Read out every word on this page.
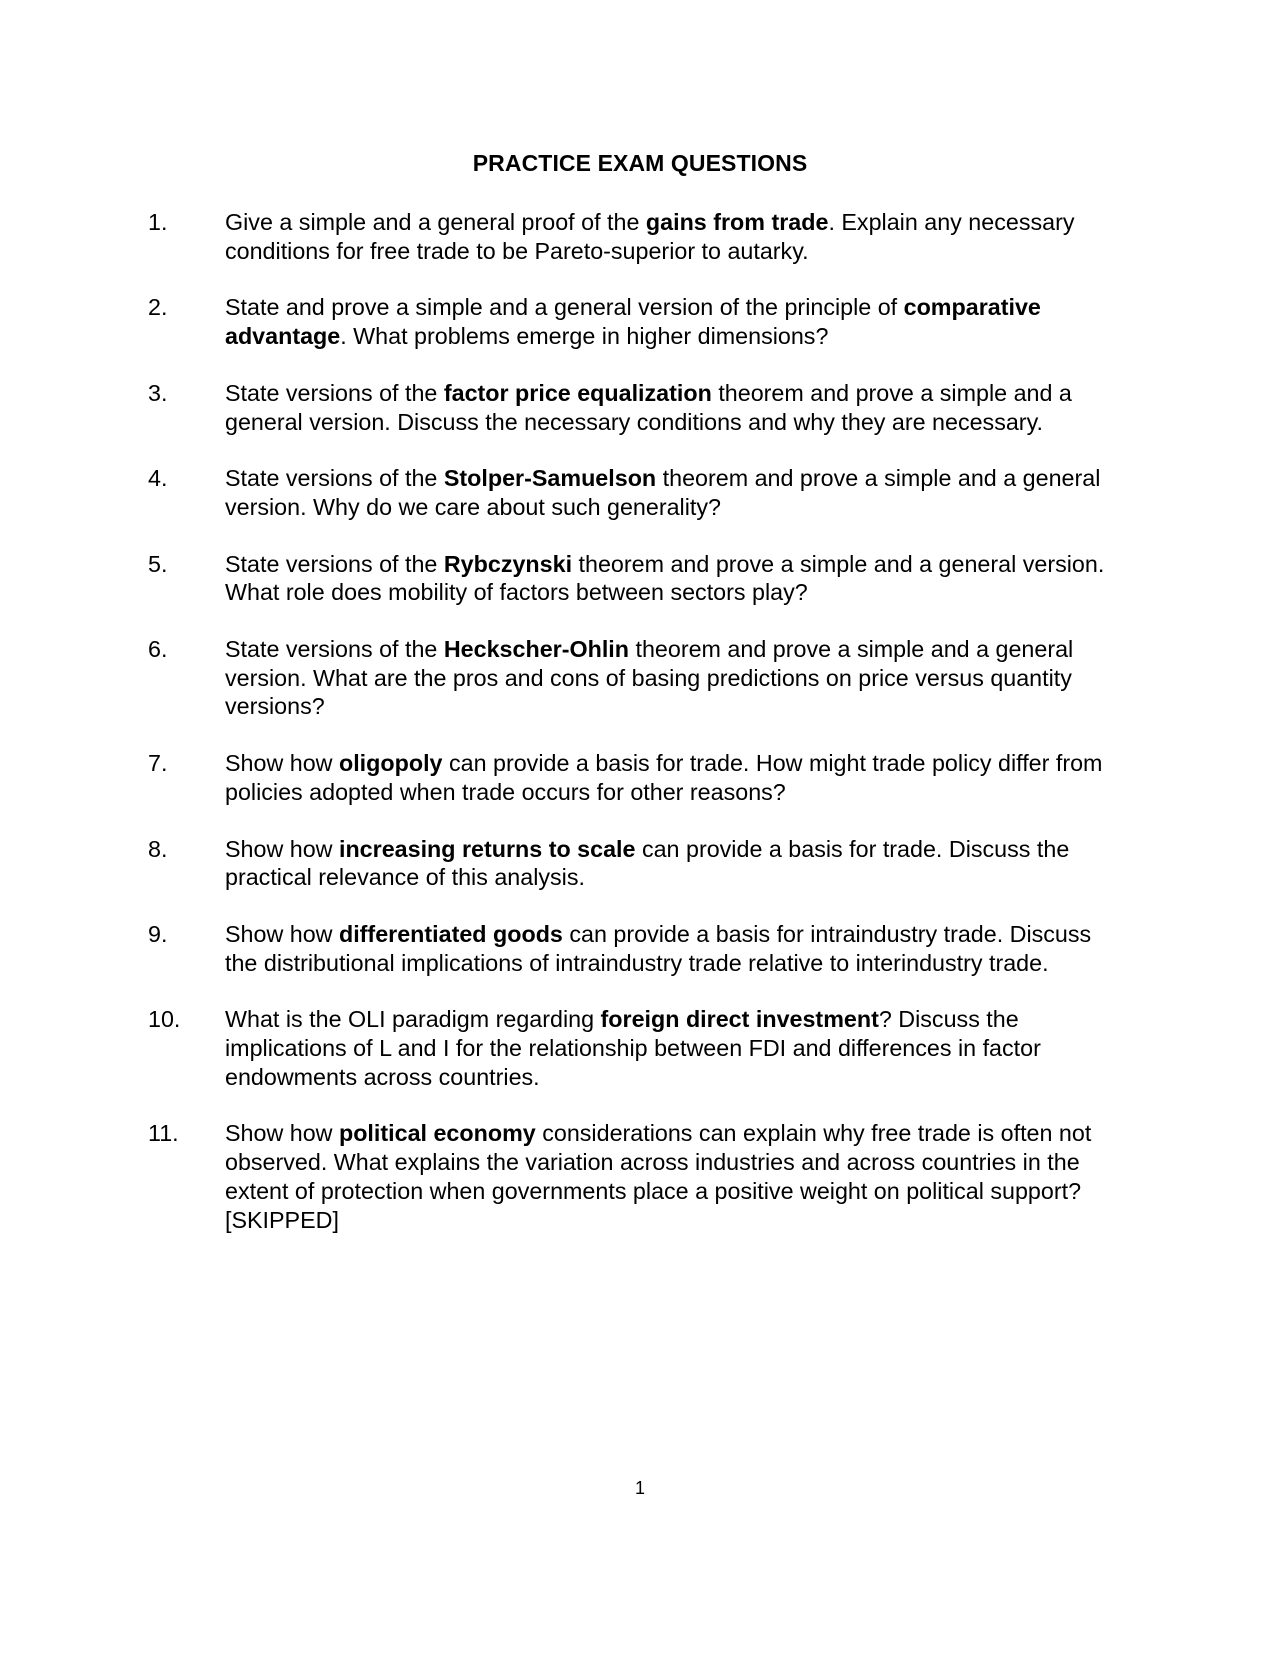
PRACTICE EXAM QUESTIONS
1.	Give a simple and a general proof of the gains from trade. Explain any necessary conditions for free trade to be Pareto-superior to autarky.
2.	State and prove a simple and a general version of the principle of comparative advantage. What problems emerge in higher dimensions?
3.	State versions of the factor price equalization theorem and prove a simple and a general version. Discuss the necessary conditions and why they are necessary.
4.	State versions of the Stolper-Samuelson theorem and prove a simple and a general version. Why do we care about such generality?
5.	State versions of the Rybczynski theorem and prove a simple and a general version. What role does mobility of factors between sectors play?
6.	State versions of the Heckscher-Ohlin theorem and prove a simple and a general version. What are the pros and cons of basing predictions on price versus quantity versions?
7.	Show how oligopoly can provide a basis for trade. How might trade policy differ from policies adopted when trade occurs for other reasons?
8.	Show how increasing returns to scale can provide a basis for trade. Discuss the practical relevance of this analysis.
9.	Show how differentiated goods can provide a basis for intraindustry trade. Discuss the distributional implications of intraindustry trade relative to interindustry trade.
10.	What is the OLI paradigm regarding foreign direct investment? Discuss the implications of L and I for the relationship between FDI and differences in factor endowments across countries.
11.	Show how political economy considerations can explain why free trade is often not observed. What explains the variation across industries and across countries in the extent of protection when governments place a positive weight on political support? [SKIPPED]
1
